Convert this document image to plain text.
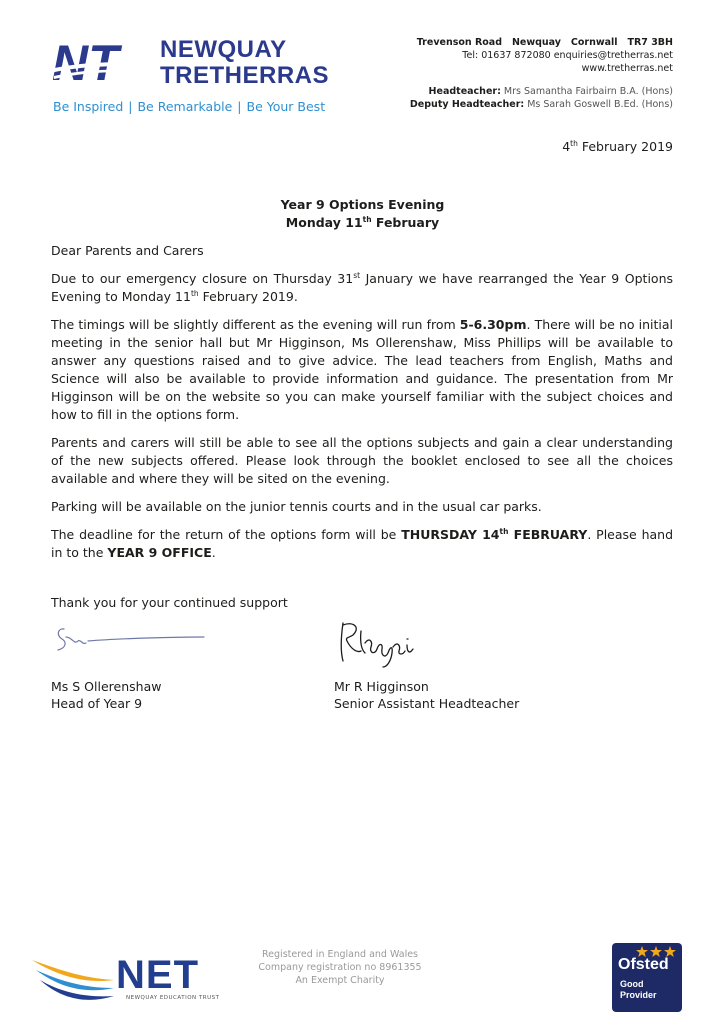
NT NEWQUAY
TRETHERRAS
Be Inspired | Be Remarkable | Be Your Best
Trevenson Road   Newquay   Cornwall   TR7 3BH
Tel: 01637 872080 enquiries@tretherras.net
www.tretherras.net
Headteacher: Mrs Samantha Fairbairn B.A. (Hons)
Deputy Headteacher: Ms Sarah Goswell B.Ed. (Hons)
4th February 2019
Year 9 Options Evening
Monday 11th February

Dear Parents and Carers

Due to our emergency closure on Thursday 31st January we have rearranged the Year 9 Options Evening to Monday 11th February 2019.

The timings will be slightly different as the evening will run from 5-6.30pm. There will be no initial meeting in the senior hall but Mr Higginson, Ms Ollerenshaw, Miss Phillips will be available to answer any questions raised and to give advice. The lead teachers from English, Maths and Science will also be available to provide information and guidance. The presentation from Mr Higginson will be on the website so you can make yourself familiar with the subject choices and how to fill in the options form.

Parents and carers will still be able to see all the options subjects and gain a clear understanding of the new subjects offered. Please look through the booklet enclosed to see all the choices available and where they will be sited on the evening.

Parking will be available on the junior tennis courts and in the usual car parks.

The deadline for the return of the options form will be THURSDAY 14th FEBRUARY. Please hand in to the YEAR 9 OFFICE.

Thank you for your continued support
Ms S Ollerenshaw
Head of Year 9
Mr R Higginson
Senior Assistant Headteacher
NET
NEWQUAY EDUCATION TRUST
Registered in England and Wales
Company registration no 8961355
An Exempt Charity
Ofsted
Good
Provider
